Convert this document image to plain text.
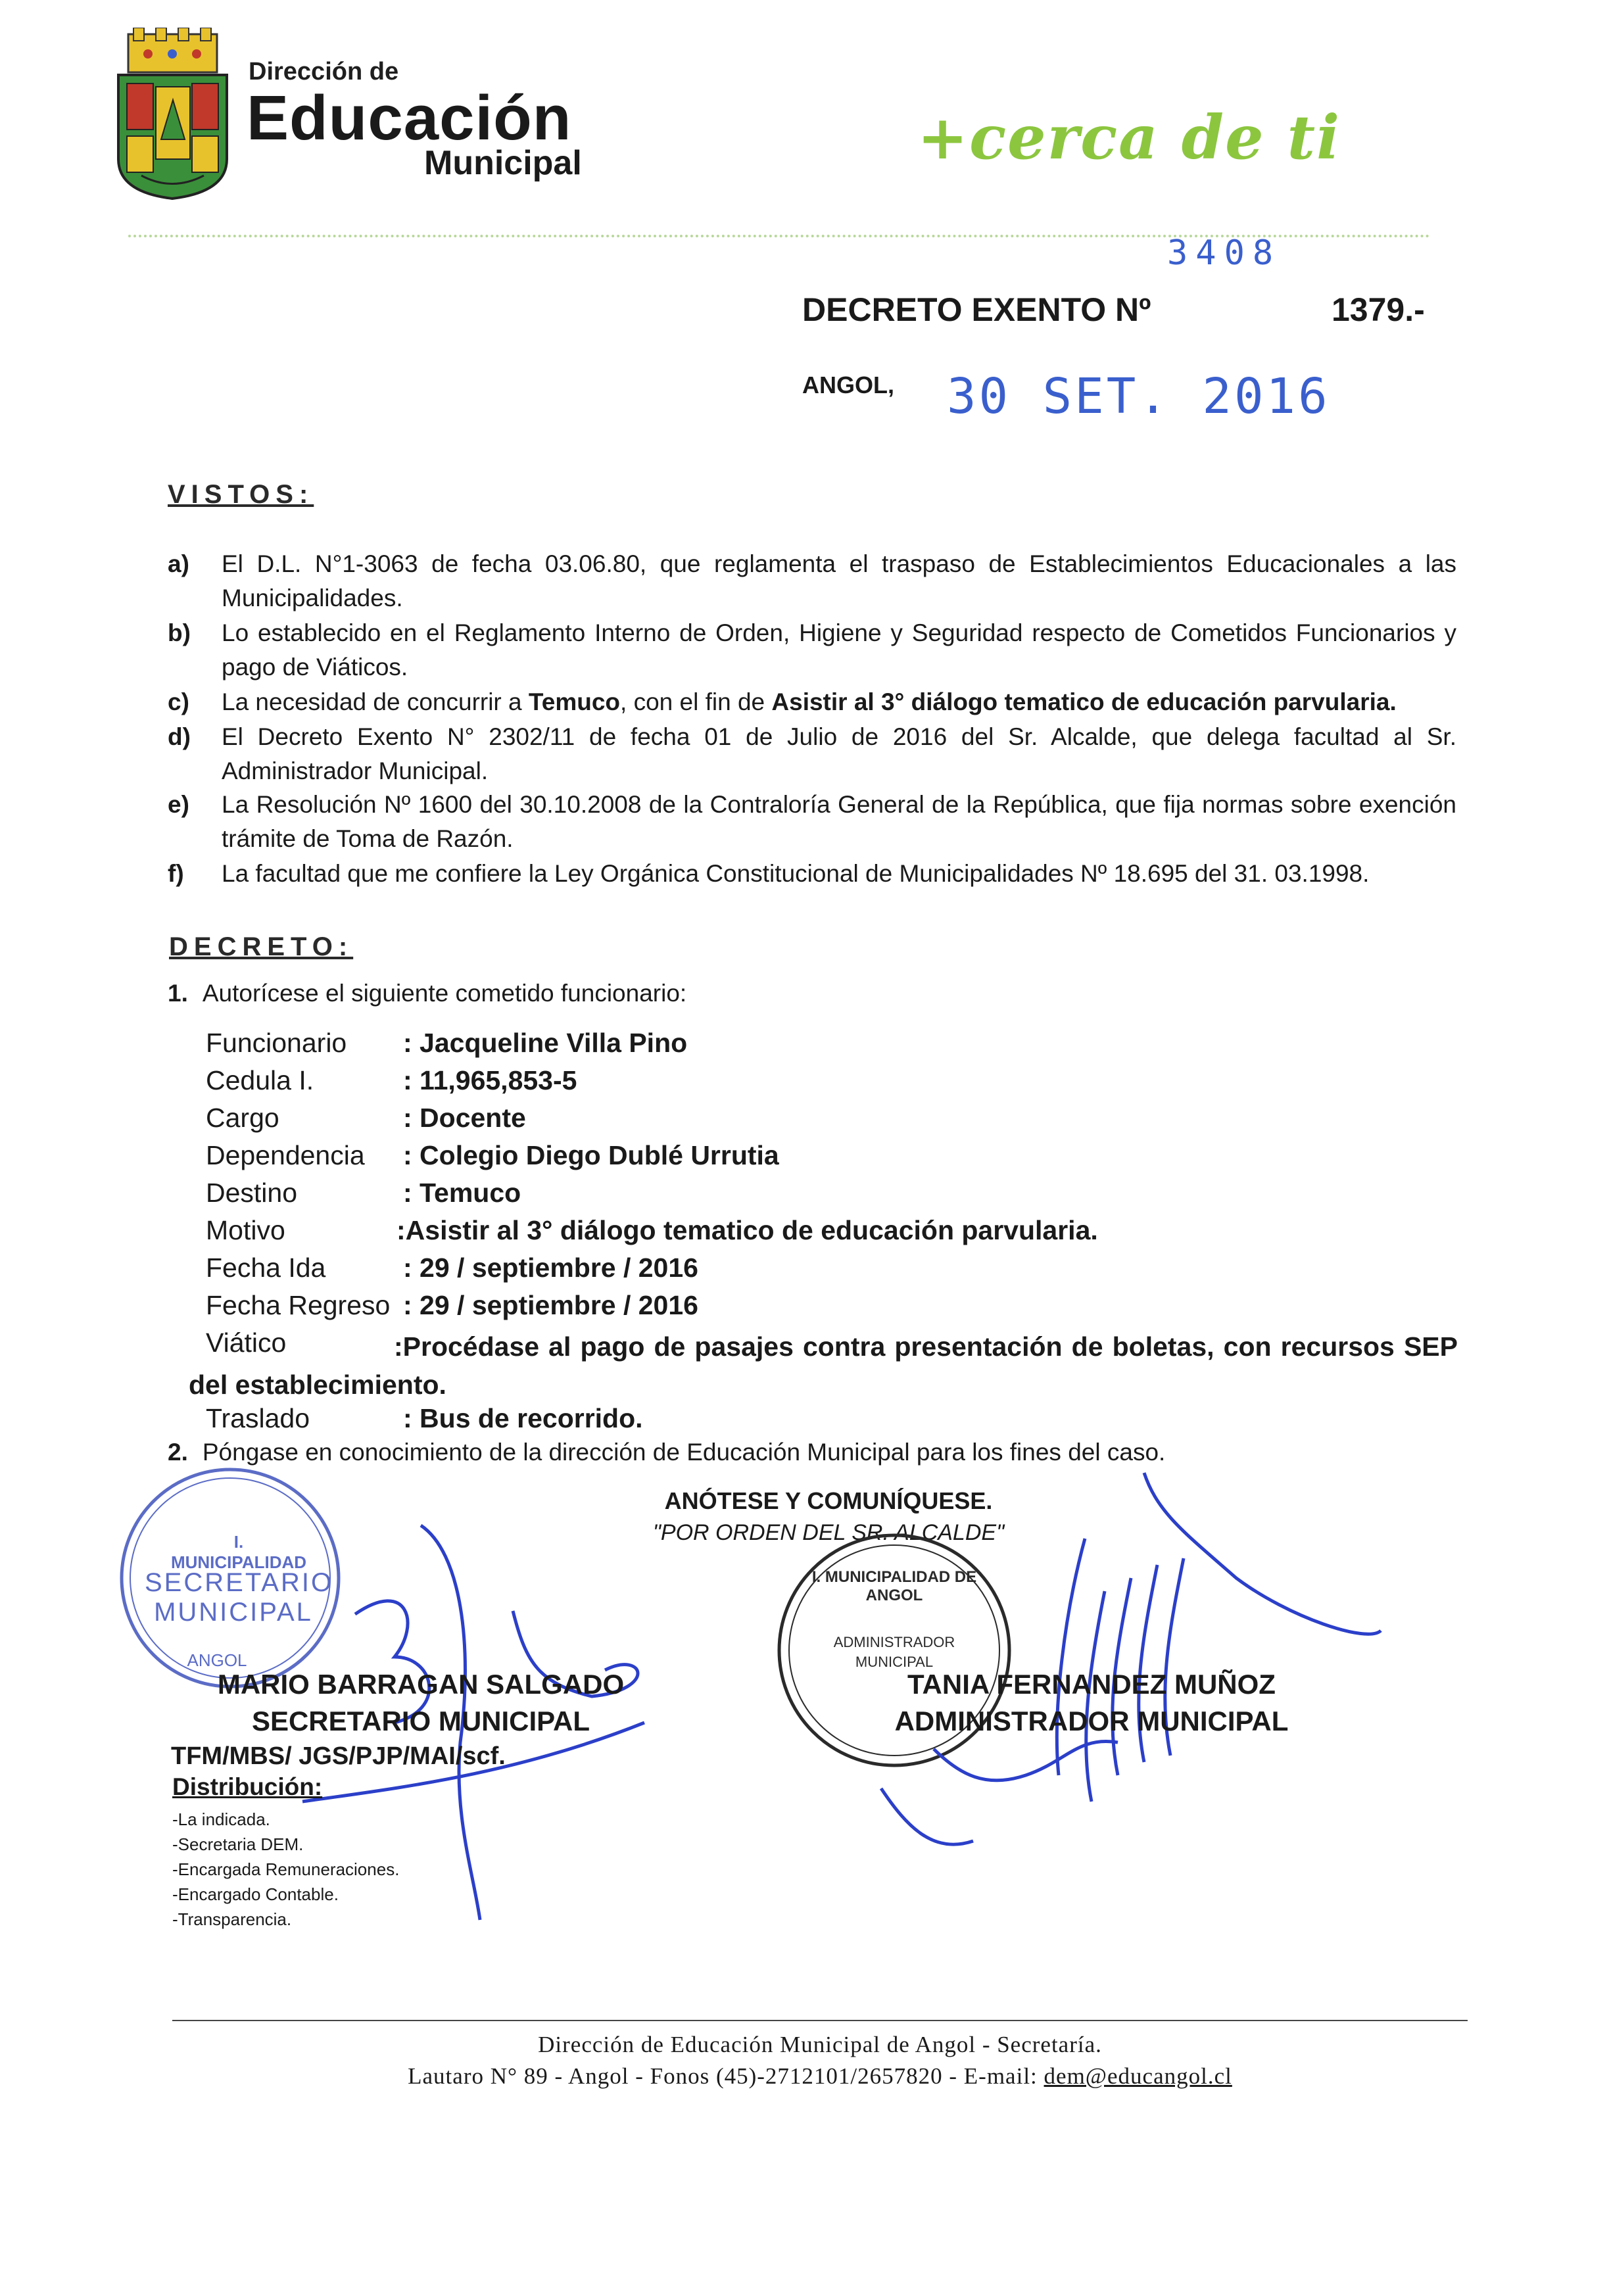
Dirección de
Educación
Municipal	+cerca de ti
3408
DECRETO EXENTO Nº	1379.-
ANGOL, 30 SET. 2016
VISTOS:
a) El D.L. N°1-3063 de fecha 03.06.80, que reglamenta el traspaso de Establecimientos Educacionales a las Municipalidades.
b) Lo establecido en el Reglamento Interno de Orden, Higiene y Seguridad respecto de Cometidos Funcionarios y pago de Viáticos.
c) La necesidad de concurrir a Temuco, con el fin de Asistir al 3° diálogo tematico de educación parvularia.
d) El Decreto Exento N° 2302/11 de fecha 01 de Julio de 2016 del Sr. Alcalde, que delega facultad al Sr. Administrador Municipal.
e) La Resolución Nº 1600 del 30.10.2008 de la Contraloría General de la República, que fija normas sobre exención trámite de Toma de Razón.
f) La facultad que me confiere la Ley Orgánica Constitucional de Municipalidades Nº 18.695 del 31. 03.1998.
DECRETO:
1. Autorícese el siguiente cometido funcionario:
Funcionario : Jacqueline Villa Pino
Cedula I.	: 11,965,853-5
Cargo	: Docente
Dependencia : Colegio Diego Dublé Urrutia
Destino	: Temuco
Motivo	:Asistir al 3° diálogo tematico de educación parvularia.
Fecha Ida	: 29 / septiembre / 2016
Fecha Regreso : 29 / septiembre / 2016
Viático	:Procédase al pago de pasajes contra presentación de boletas, con recursos SEP del establecimiento.
Traslado	: Bus de recorrido.
2. Póngase en conocimiento de la dirección de Educación Municipal para los fines del caso.
ANÓTESE Y COMUNÍQUESE.
"POR ORDEN DEL SR. ALCALDE"
I. MUNICIPALIDAD
SECRETARIO
MUNICIPAL
ANGOL
I. MUNICIPALIDAD DE ANGOL
ADMINISTRADOR
MUNICIPAL
MARIO BARRAGAN SALGADO
SECRETARIO MUNICIPAL
TANIA FERNANDEZ MUÑOZ
ADMINISTRADOR MUNICIPAL
TFM/MBS/ JGS/PJP/MAI/scf.
Distribución:
-La indicada.
-Secretaria DEM.
-Encargada Remuneraciones.
-Encargado Contable.
-Transparencia.
Dirección de Educación Municipal de Angol - Secretaría.
Lautaro N° 89 - Angol - Fonos (45)-2712101/2657820 - E-mail: dem@educangol.cl
